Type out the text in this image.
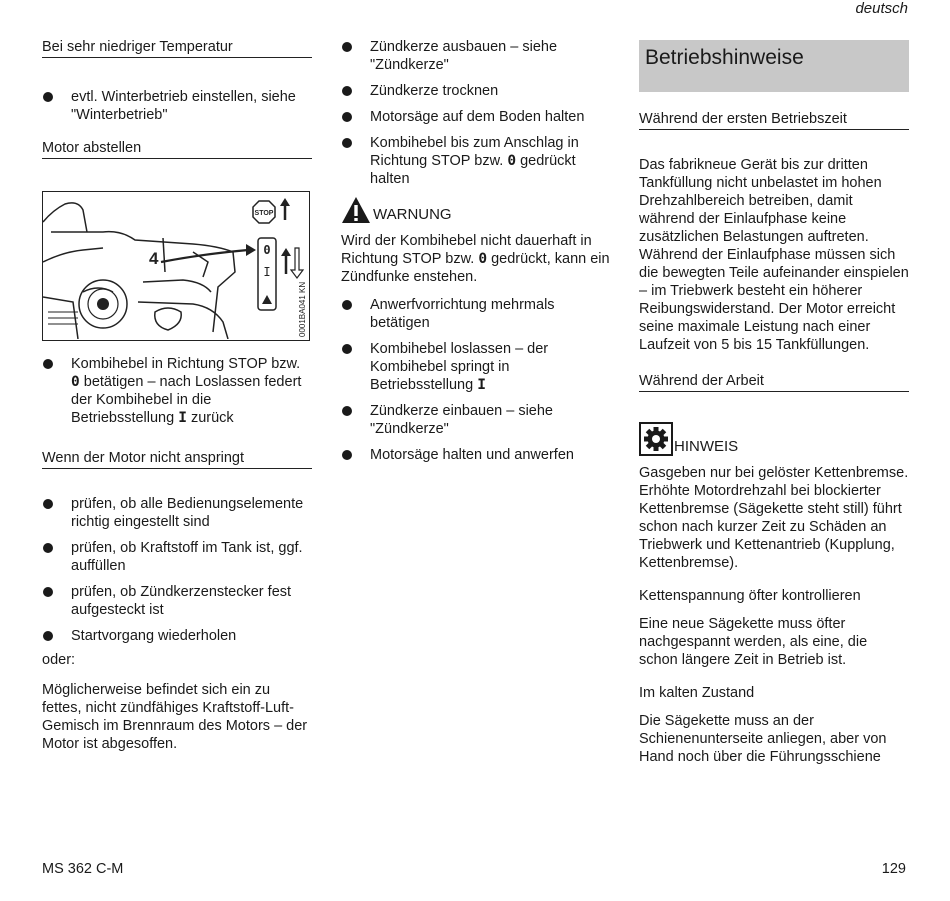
deutsch
Bei sehr niedriger Temperatur
evtl. Winterbetrieb einstellen, siehe "Winterbetrieb"
Motor abstellen
4
STOP
0
I
0001BA041 KN
Kombihebel in Richtung STOP bzw.
0 betätigen – nach Loslassen federt der Kombihebel in die Betriebsstellung I zurück
Wenn der Motor nicht anspringt
prüfen, ob alle Bedienungselemente richtig eingestellt sind
prüfen, ob Kraftstoff im Tank ist, ggf. auffüllen
prüfen, ob Zündkerzenstecker fest aufgesteckt ist
Startvorgang wiederholen

oder:

Möglicherweise befindet sich ein zu fettes, nicht zündfähiges Kraftstoff-Luft-Gemisch im Brennraum des Motors – der Motor ist abgesoffen.

Zündkerze ausbauen – siehe "Zündkerze"
Zündkerze trocknen
Motorsäge auf dem Boden halten
Kombihebel bis zum Anschlag in Richtung STOP bzw. 0 gedrückt halten
WARNUNG

Wird der Kombihebel nicht dauerhaft in Richtung STOP bzw. 0 gedrückt, kann ein Zündfunke enstehen.

Anwerfvorrichtung mehrmals betätigen
Kombihebel loslassen – der Kombihebel springt in Betriebsstellung I
Zündkerze einbauen – siehe "Zündkerze"
Motorsäge halten und anwerfen
Betriebshinweise
Während der ersten Betriebszeit

Das fabrikneue Gerät bis zur dritten Tankfüllung nicht unbelastet im hohen Drehzahlbereich betreiben, damit während der Einlaufphase keine zusätzlichen Belastungen auftreten. Während der Einlaufphase müssen sich die bewegten Teile aufeinander einspielen – im Triebwerk besteht ein höherer Reibungswiderstand. Der Motor erreicht seine maximale Leistung nach einer Laufzeit von 5 bis 15 Tankfüllungen.

Während der Arbeit
HINWEIS

Gasgeben nur bei gelöster Kettenbremse. Erhöhte Motordrehzahl bei blockierter Kettenbremse (Sägekette steht still) führt schon nach kurzer Zeit zu Schäden an Triebwerk und Kettenantrieb (Kupplung, Kettenbremse).

Kettenspannung öfter kontrollieren

Eine neue Sägekette muss öfter nachgespannt werden, als eine, die schon längere Zeit in Betrieb ist.

Im kalten Zustand

Die Sägekette muss an der Schienenunterseite anliegen, aber von Hand noch über die Führungsschiene

MS 362 C-M	129
